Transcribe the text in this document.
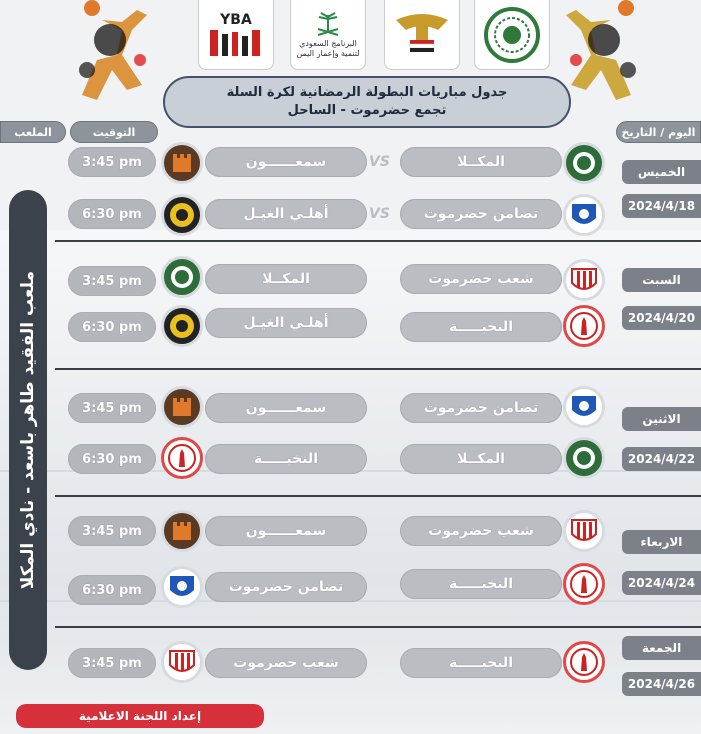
YBA
البرنامج السعودي
لتنمية وإعمار اليمن
جدول مباريات البطولة الرمضانية لكرة السلة
تجمع حضرموت - الساحل
الملعب	التوقيت	اليوم / التاريخ
ملعب الفقيد طاهر باسعد - نادي المكلا
الخميس
2024/4/18
السبت
2024/4/20
الاثنين
2024/4/22
الاربعاء
2024/4/24
الجمعة
2024/4/26
المكــلا
VS
سمعــــــون
3:45 pm
تضامن حضرموت
VS
أهلـي الغيـل
6:30 pm
شعب حضرموت
المكــلا
3:45 pm
النخبـــــة
أهلـي الغيـل
6:30 pm
تضامن حضرموت
سمعــــــون
3:45 pm
المكــلا
النخبـــــة
6:30 pm
شعب حضرموت
سمعــــــون
3:45 pm
النخبـــــة
تضامن حضرموت
6:30 pm
النخبـــــة
شعب حضرموت
3:45 pm
إعداد اللجنة الاعلامية
